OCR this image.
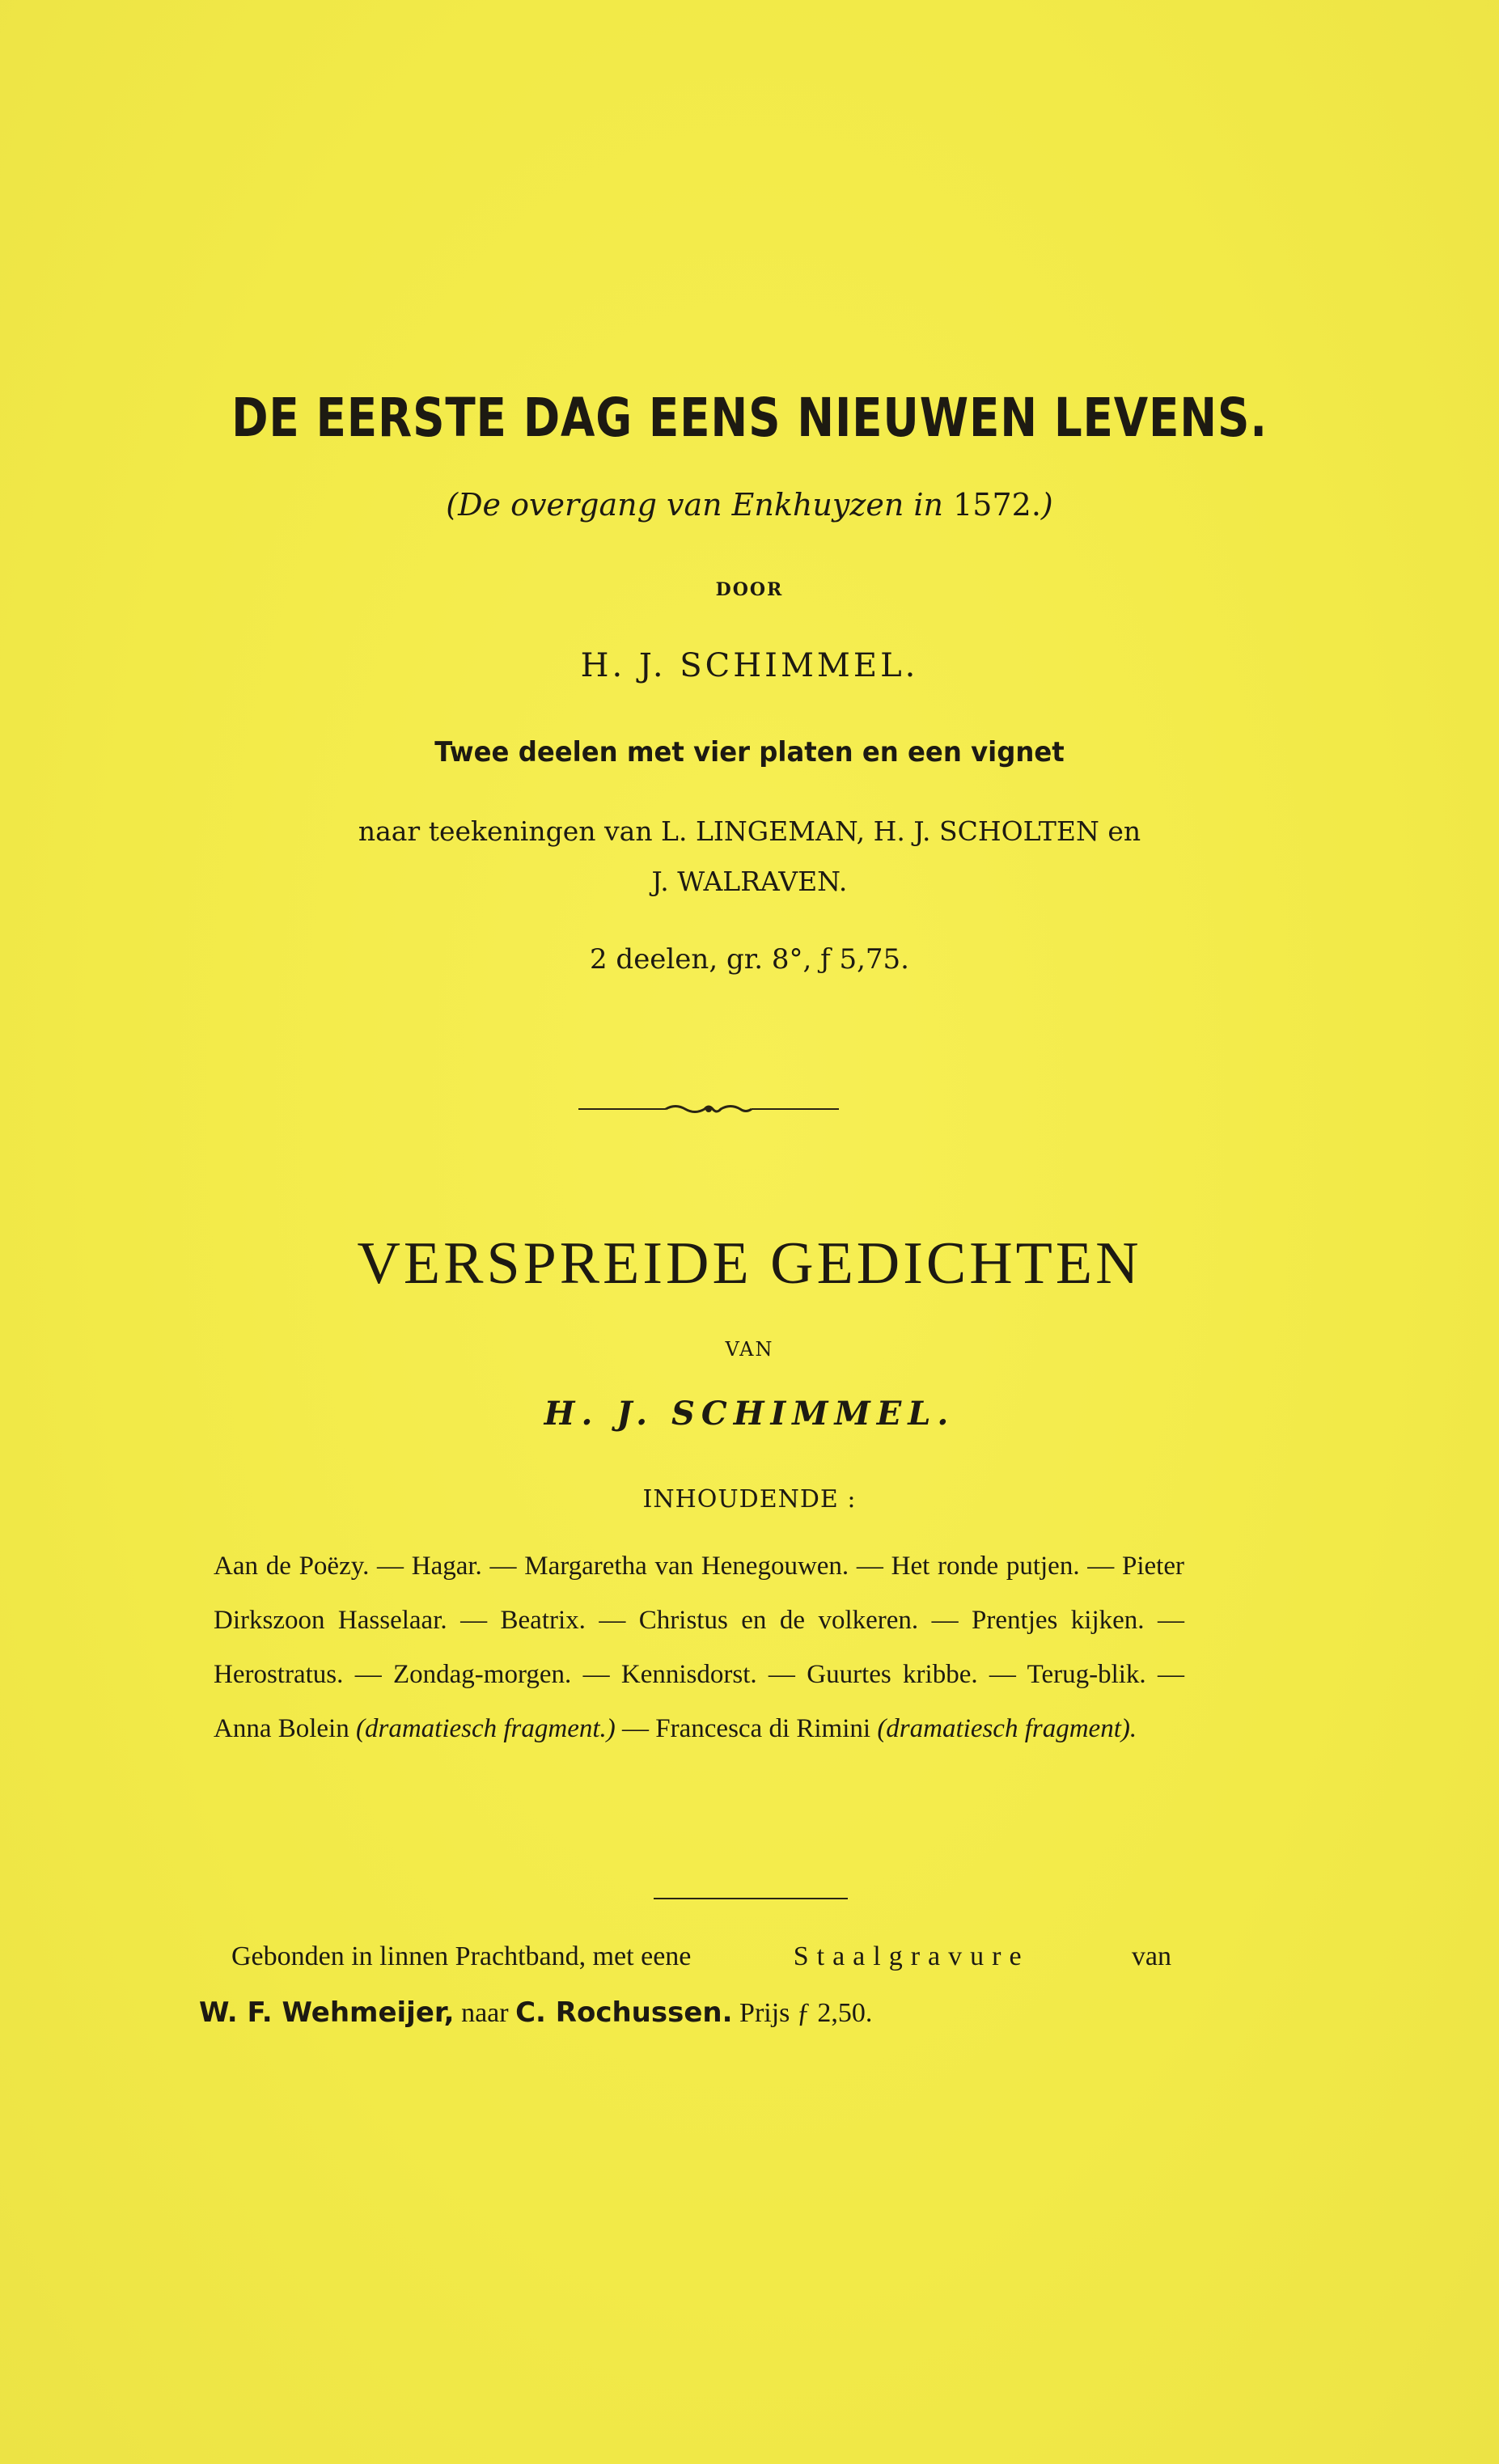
DE EERSTE DAG EENS NIEUWEN LEVENS.
(De overgang van Enkhuyzen in 1572.)
DOOR
H. J. SCHIMMEL.
Twee deelen met vier platen en een vignet
naar teekeningen van L. LINGEMAN, H. J. SCHOLTEN en
J. WALRAVEN.
2 deelen, gr. 8°, ƒ 5,75.
VERSPREIDE GEDICHTEN
VAN
H. J. SCHIMMEL.
INHOUDENDE :
Aan de Poëzy. — Hagar. — Margaretha van Henegouwen. — Het ronde putjen. — Pieter Dirkszoon Hasselaar. — Beatrix. — Christus en de volkeren. — Prentjes kijken. — Herostratus. — Zondag-morgen. — Kennisdorst. — Guurtes kribbe. — Terug-blik. — Anna Bolein (dramatiesch fragment.) — Francesca di Rimini (dramatiesch fragment).
Gebonden in linnen Prachtband, met eene	Staalgravure	van
W. F. Wehmeijer, naar C. Rochussen. Prijs ƒ 2,50.
